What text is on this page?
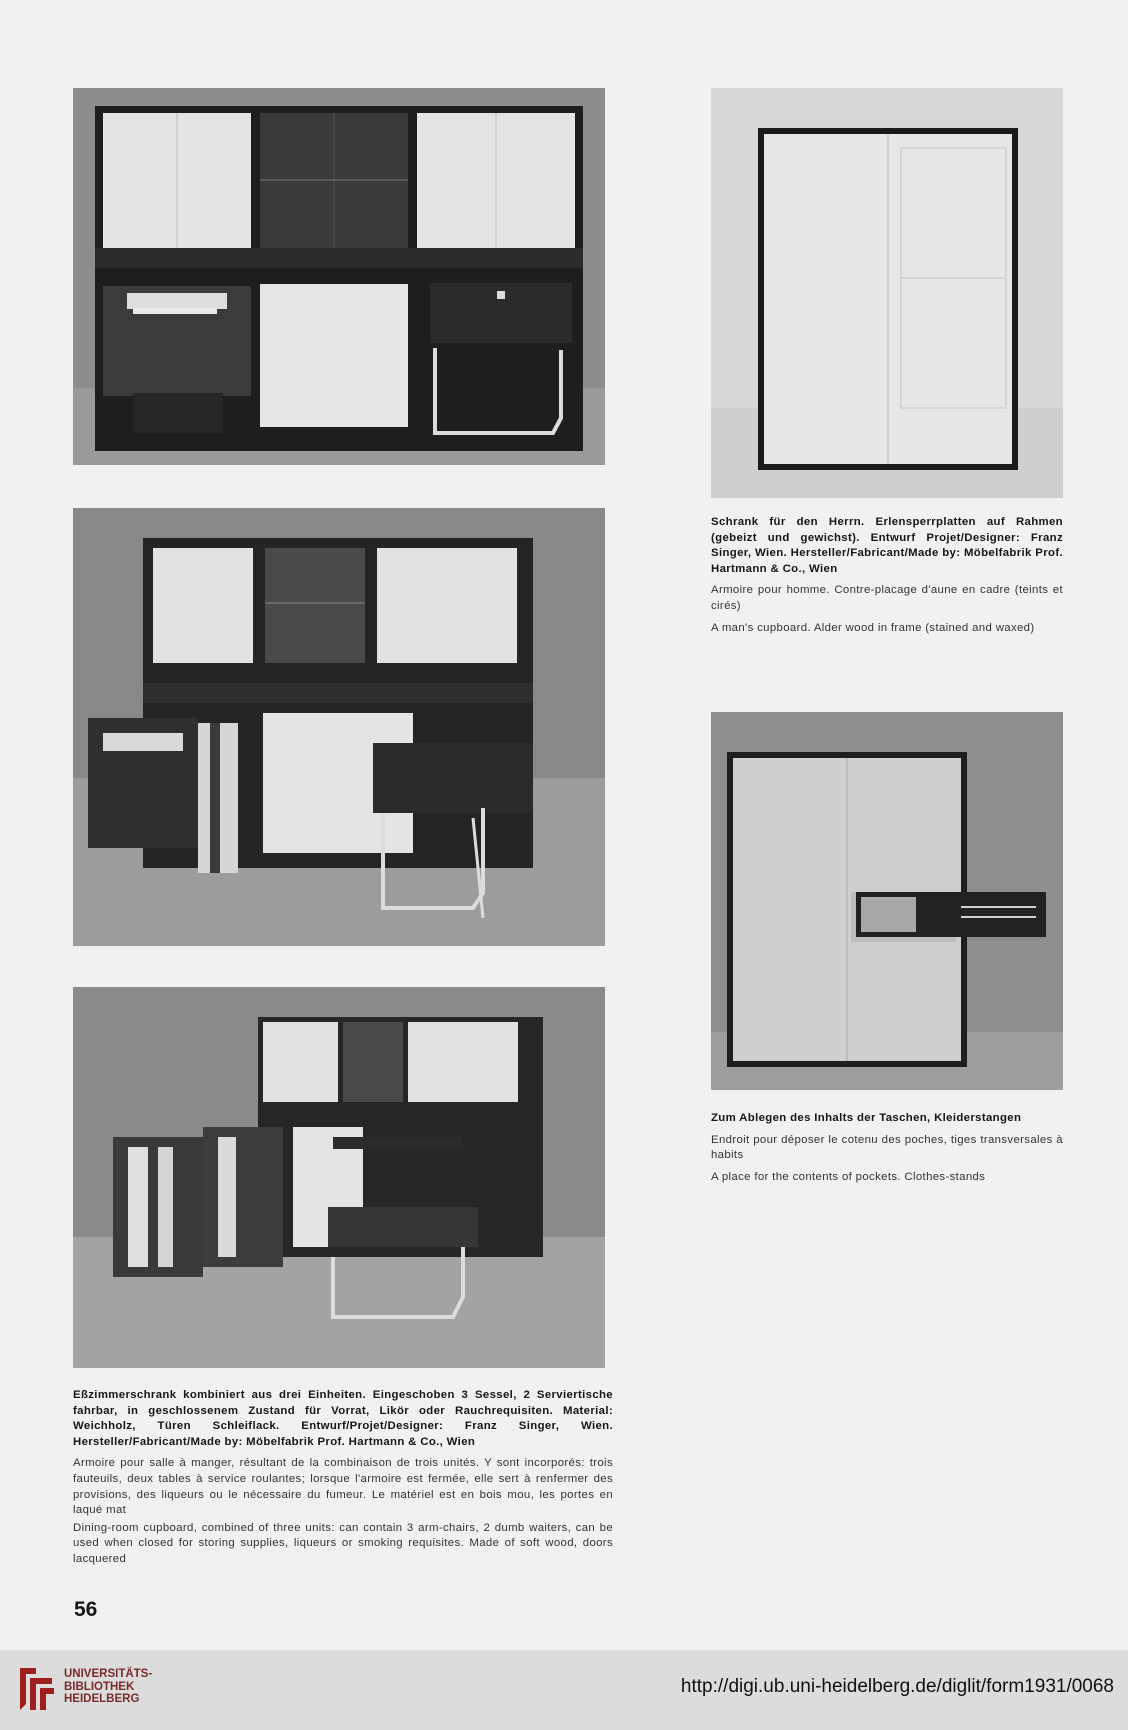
Schrank für den Herrn. Erlensperrplatten auf Rahmen (gebeizt und gewichst). Entwurf Projet/Designer: Franz Singer, Wien. Hersteller/Fabricant/Made by: Möbelfabrik Prof. Hartmann & Co., Wien

Armoire pour homme. Contre-placage d'aune en cadre (teints et cirés)

A man's cupboard. Alder wood in frame (stained and waxed)

Zum Ablegen des Inhalts der Taschen, Kleiderstangen

Endroit pour déposer le cotenu des poches, tiges transversales à habits

A place for the contents of pockets. Clothes-stands

Eßzimmerschrank kombiniert aus drei Einheiten. Eingeschoben 3 Sessel, 2 Serviertische fahrbar, in geschlossenem Zustand für Vorrat, Likör oder Rauchrequisiten. Material: Weichholz, Türen Schleiflack. Entwurf/Projet/Designer: Franz Singer, Wien. Hersteller/Fabricant/Made by: Möbelfabrik Prof. Hartmann & Co., Wien

Armoire pour salle à manger, résultant de la combinaison de trois unités. Y sont incorporés: trois fauteuils, deux tables à service roulantes; lorsque l'armoire est fermée, elle sert à renfermer des provisions, des liqueurs ou le nécessaire du fumeur. Le matériel est en bois mou, les portes en laqué mat

Dining-room cupboard, combined of three units: can contain 3 arm-chairs, 2 dumb waiters, can be used when closed for storing supplies, liqueurs or smoking requisites. Made of soft wood, doors lacquered

56
UNIVERSITÄTS-
BIBLIOTHEK
HEIDELBERG
http://digi.ub.uni-heidelberg.de/diglit/form1931/0068
